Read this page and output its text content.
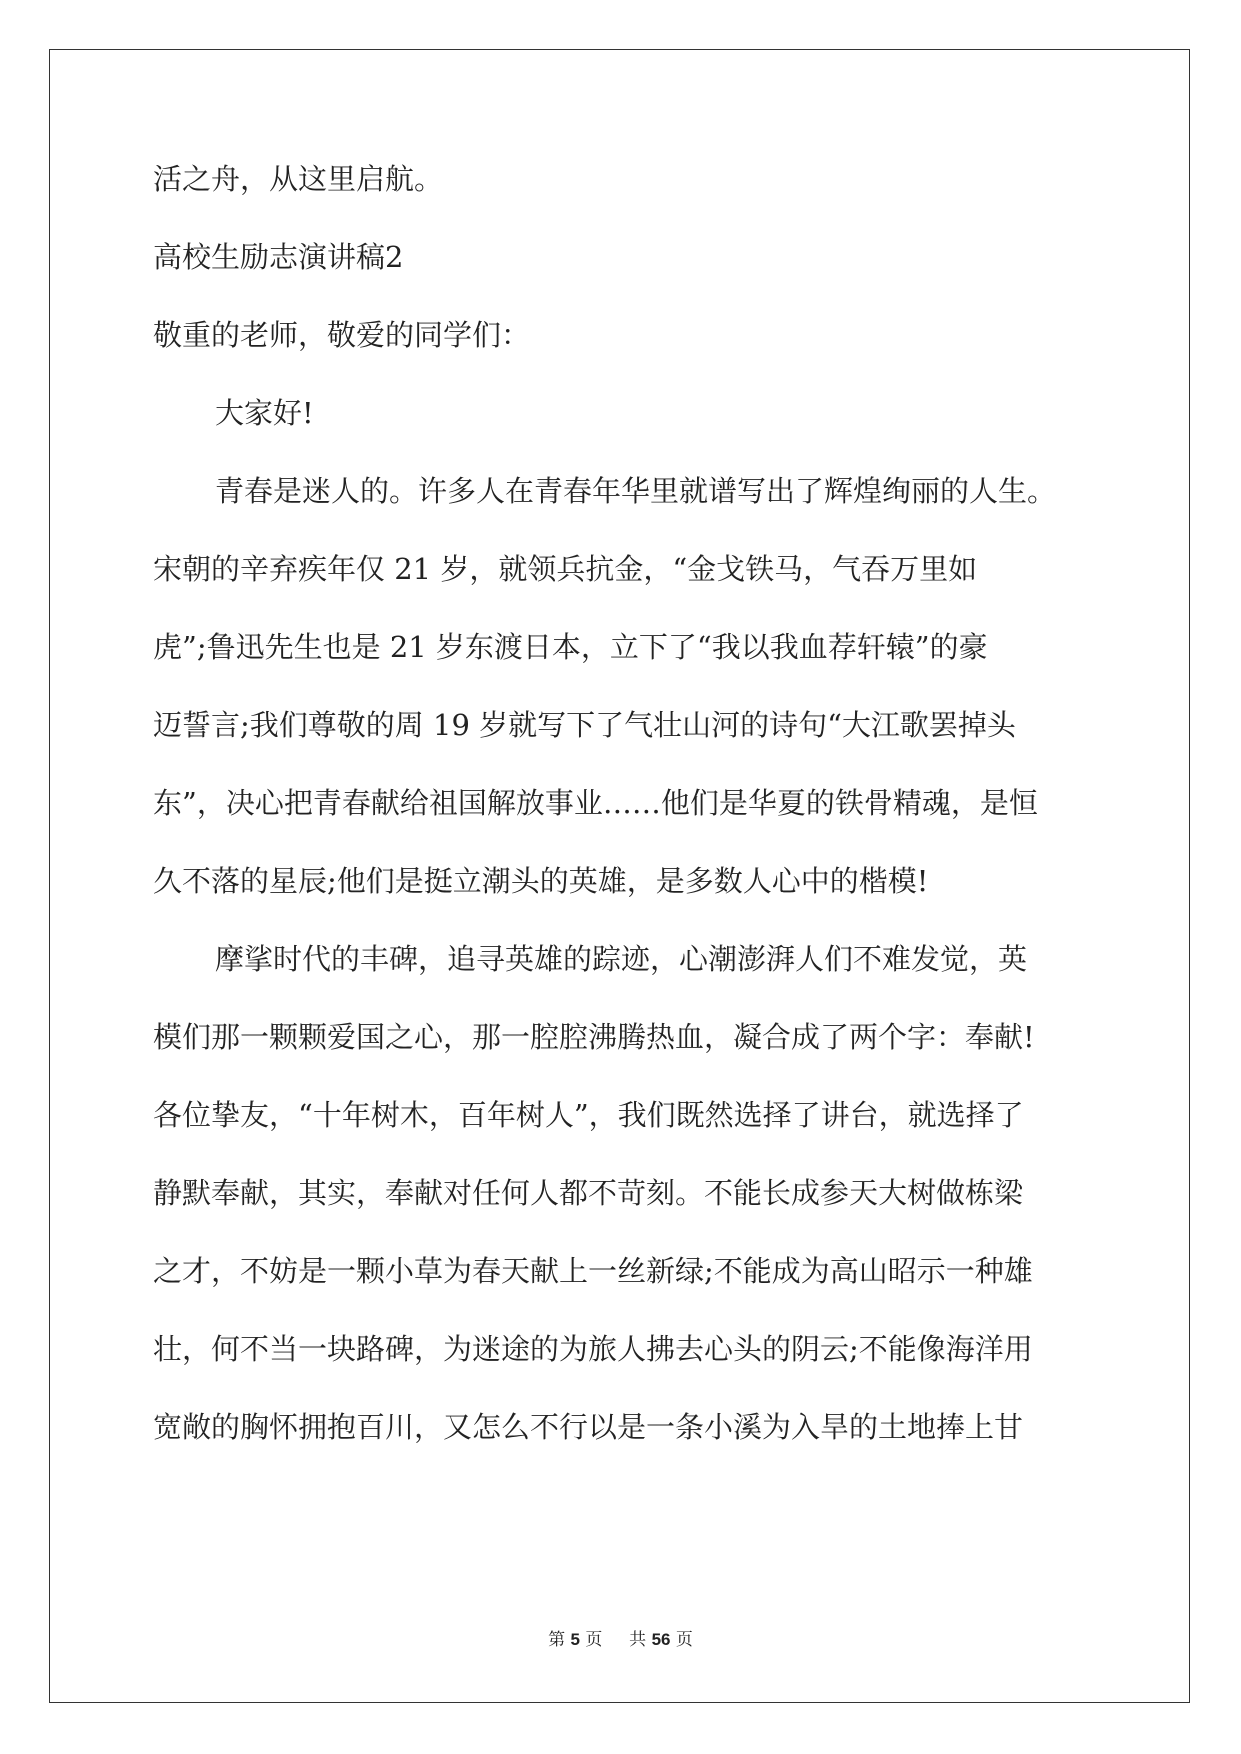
活之舟，从这里启航。
高校生励志演讲稿2
敬重的老师，敬爱的同学们：
大家好!
青春是迷人的。许多人在青春年华里就谱写出了辉煌绚丽的人生。
宋朝的辛弃疾年仅 21 岁，就领兵抗金，“金戈铁马，气吞万里如
虎”;鲁迅先生也是 21 岁东渡日本，立下了“我以我血荐轩辕”的豪
迈誓言;我们尊敬的周 19 岁就写下了气壮山河的诗句“大江歌罢掉头
东”，决心把青春献给祖国解放事业……他们是华夏的铁骨精魂，是恒
久不落的星辰;他们是挺立潮头的英雄，是多数人心中的楷模!
摩挲时代的丰碑，追寻英雄的踪迹，心潮澎湃人们不难发觉，英
模们那一颗颗爱国之心，那一腔腔沸腾热血，凝合成了两个字：奉献!
各位挚友，“十年树木，百年树人”，我们既然选择了讲台，就选择了
静默奉献，其实，奉献对任何人都不苛刻。不能长成参天大树做栋梁
之才，不妨是一颗小草为春天献上一丝新绿;不能成为高山昭示一种雄
壮，何不当一块路碑，为迷途的为旅人拂去心头的阴云;不能像海洋用
宽敞的胸怀拥抱百川，又怎么不行以是一条小溪为入旱的土地捧上甘
第 5 页 共 56 页
